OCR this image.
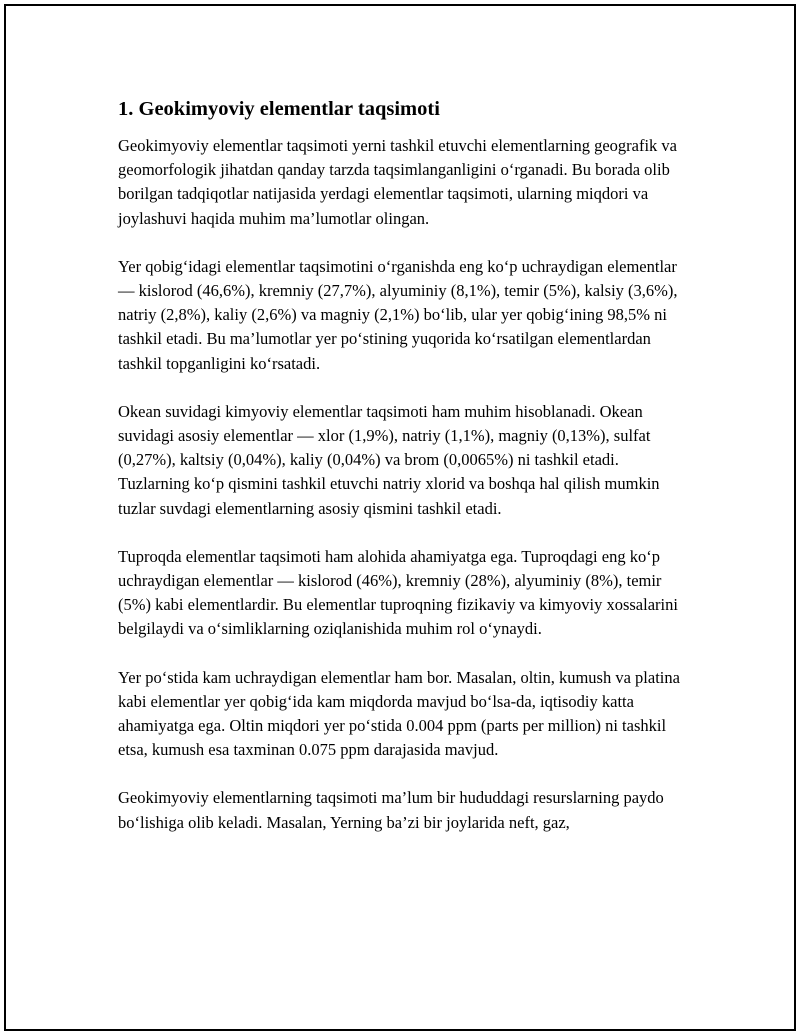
1. Geokimyoviy elementlar taqsimoti

Geokimyoviy elementlar taqsimoti yerni tashkil etuvchi elementlarning geografik va geomorfologik jihatdan qanday tarzda taqsimlanganligini o‘rganadi. Bu borada olib borilgan tadqiqotlar natijasida yerdagi elementlar taqsimoti, ularning miqdori va joylashuvi haqida muhim ma’lumotlar olingan.

Yer qobig‘idagi elementlar taqsimotini o‘rganishda eng ko‘p uchraydigan elementlar — kislorod (46,6%), kremniy (27,7%), alyuminiy (8,1%), temir (5%), kalsiy (3,6%), natriy (2,8%), kaliy (2,6%) va magniy (2,1%) bo‘lib, ular yer qobig‘ining 98,5% ni tashkil etadi. Bu ma’lumotlar yer po‘stining yuqorida ko‘rsatilgan elementlardan tashkil topganligini ko‘rsatadi.

Okean suvidagi kimyoviy elementlar taqsimoti ham muhim hisoblanadi. Okean suvidagi asosiy elementlar — xlor (1,9%), natriy (1,1%), magniy (0,13%), sulfat (0,27%), kaltsiy (0,04%), kaliy (0,04%) va brom (0,0065%) ni tashkil etadi. Tuzlarning ko‘p qismini tashkil etuvchi natriy xlorid va boshqa hal qilish mumkin tuzlar suvdagi elementlarning asosiy qismini tashkil etadi.

Tuproqda elementlar taqsimoti ham alohida ahamiyatga ega. Tuproqdagi eng ko‘p uchraydigan elementlar — kislorod (46%), kremniy (28%), alyuminiy (8%), temir (5%) kabi elementlardir. Bu elementlar tuproqning fizikaviy va kimyoviy xossalarini belgilaydi va o‘simliklarning oziqlanishida muhim rol o‘ynaydi.

Yer po‘stida kam uchraydigan elementlar ham bor. Masalan, oltin, kumush va platina kabi elementlar yer qobig‘ida kam miqdorda mavjud bo‘lsa-da, iqtisodiy katta ahamiyatga ega. Oltin miqdori yer po‘stida 0.004 ppm (parts per million) ni tashkil etsa, kumush esa taxminan 0.075 ppm darajasida mavjud.

Geokimyoviy elementlarning taqsimoti ma’lum bir hududdagi resurslarning paydo bo‘lishiga olib keladi. Masalan, Yerning ba’zi bir joylarida neft, gaz,
